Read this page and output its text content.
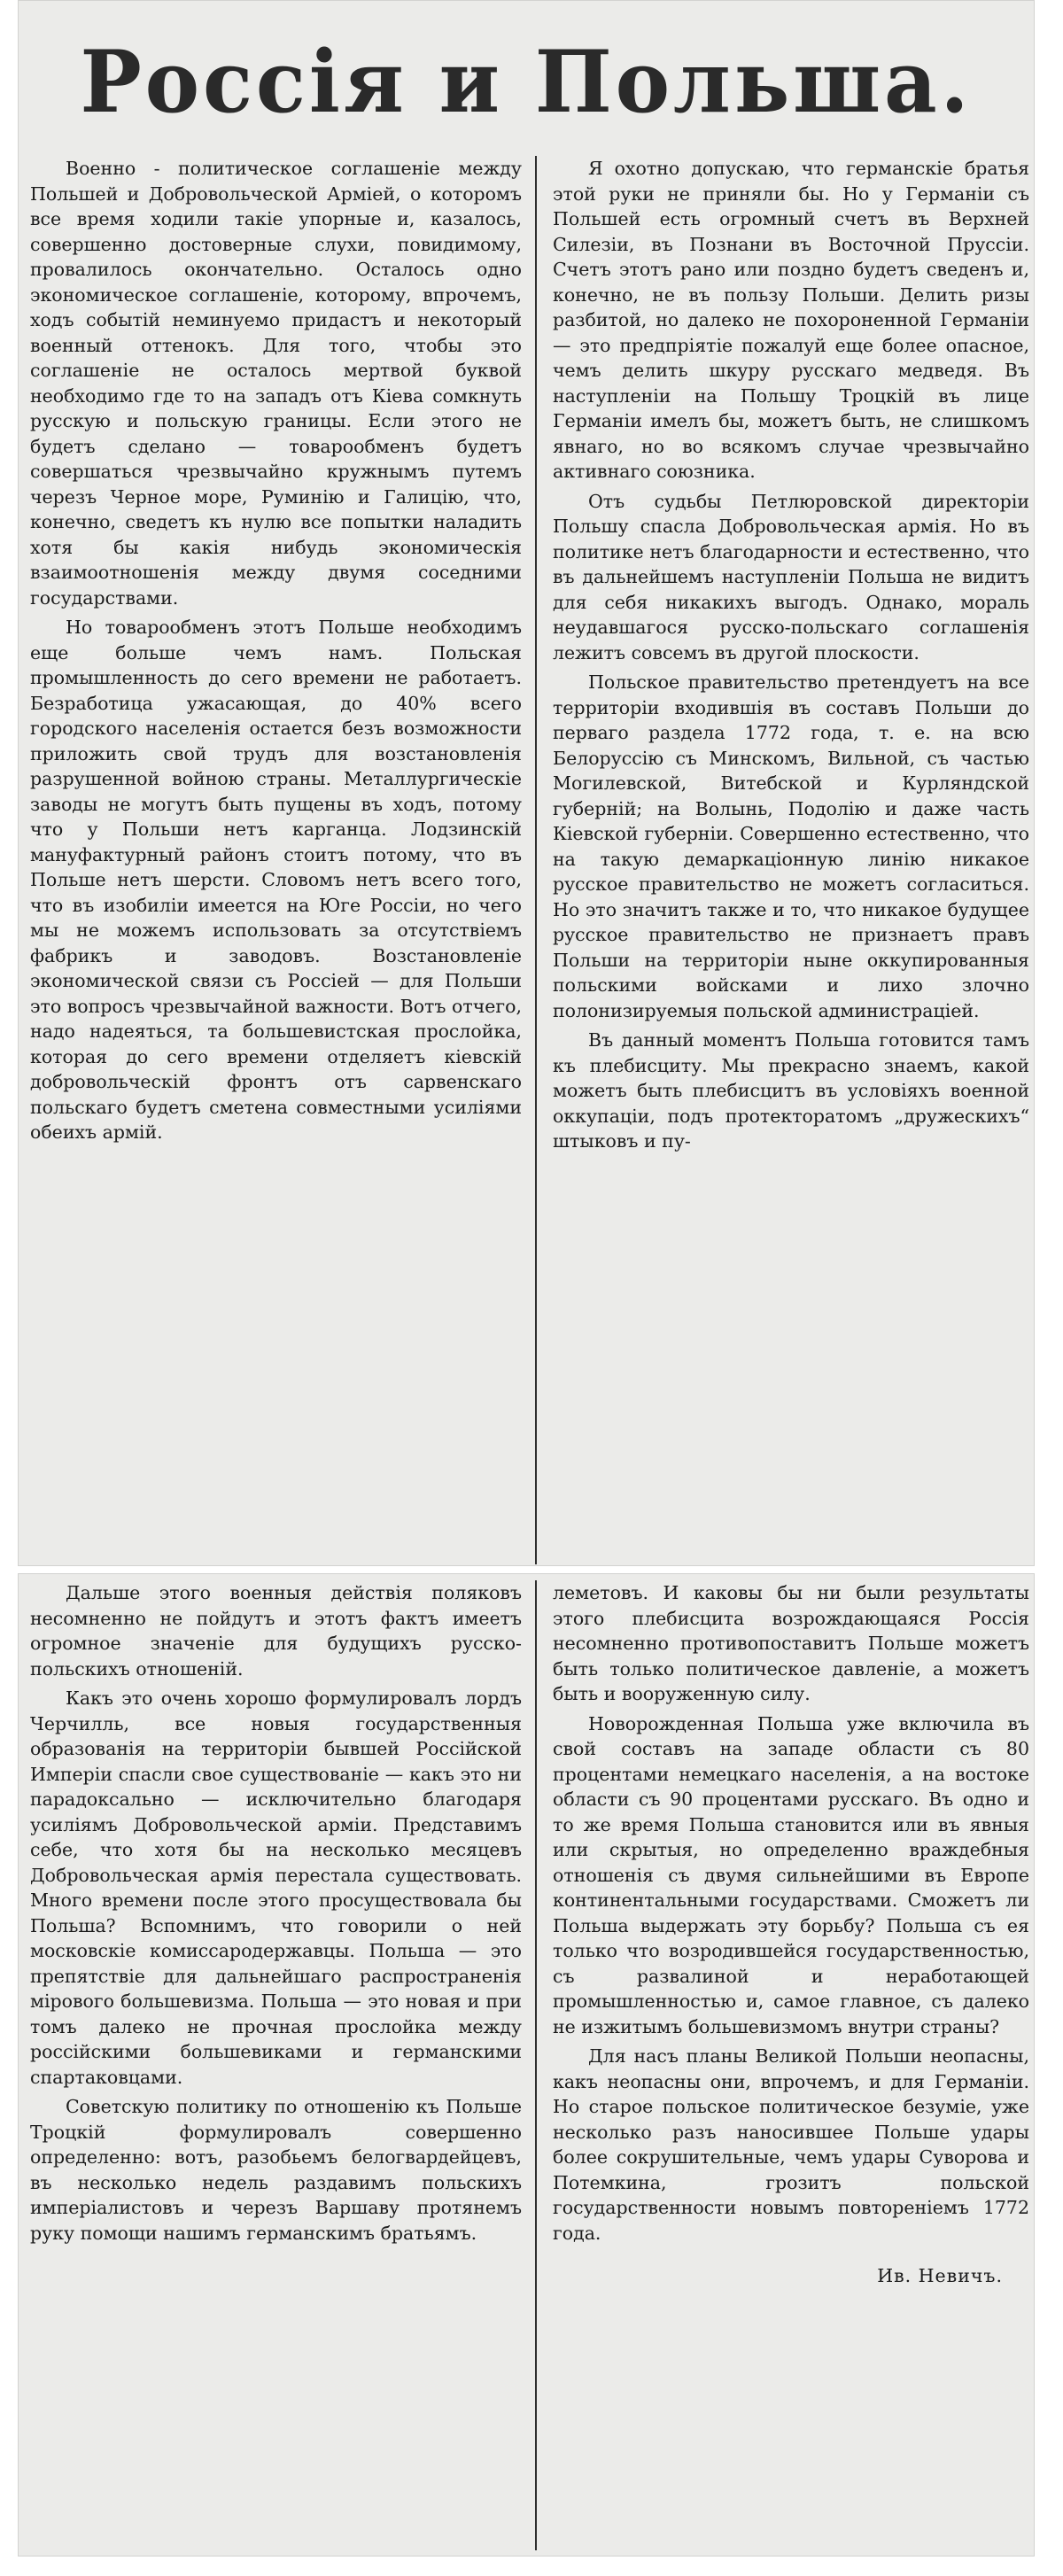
Россія и Польша.

Военно - политическое соглашеніе между Польшей и Добровольческой Арміей, о которомъ все время ходили такіе упорные и, казалось, совершенно достоверные слухи, повидимому, провалилось окончательно. Осталось одно экономическое соглашеніе, которому, впрочемъ, ходъ событій неминуемо придастъ и некоторый военный оттенокъ. Для того, чтобы это соглашеніе не осталось мертвой буквой необходимо где то на западъ отъ Кіева сомкнуть русскую и польскую границы. Если этого не будетъ сделано — товарообменъ будетъ совершаться чрезвычайно кружнымъ путемъ черезъ Черное море, Руминію и Галицію, что, конечно, сведетъ къ нулю все попытки наладить хотя бы какія нибудь экономическія взаимоотношенія между двумя соседними государствами.

Но товарообменъ этотъ Польше необходимъ еще больше чемъ намъ. Польская промышленность до сего времени не работаетъ. Безработица ужасающая, до 40% всего городского населенія остается безъ возможности приложить свой трудъ для возстановленія разрушенной войною страны. Металлургическіе заводы не могутъ быть пущены въ ходъ, потому что у Польши нетъ карганца. Лодзинскій мануфактурный районъ стоитъ потому, что въ Польше нетъ шерсти. Словомъ нетъ всего того, что въ изобиліи имеется на Юге Россіи, но чего мы не можемъ использовать за отсутствіемъ фабрикъ и заводовъ. Возстановленіе экономической связи съ Россіей — для Польши это вопросъ чрезвычайной важности. Вотъ отчего, надо надеяться, та большевистская прослойка, которая до сего времени отделяетъ кіевскій добровольческій фронтъ отъ сарвенскаго польскаго будетъ сметена совместными усиліями обеихъ армій.

Я охотно допускаю, что германскіе братья этой руки не приняли бы. Но у Германіи съ Польшей есть огромный счетъ въ Верхней Силезіи, въ Познани въ Восточной Пруссіи. Счетъ этотъ рано или поздно будетъ сведенъ и, конечно, не въ пользу Польши. Делить ризы разбитой, но далеко не похороненной Германіи — это предпріятіе пожалуй еще более опасное, чемъ делить шкуру русскаго медведя. Въ наступленіи на Польшу Троцкій въ лице Германіи имелъ бы, можетъ быть, не слишкомъ явнаго, но во всякомъ случае чрезвычайно активнаго союзника.

Отъ судьбы Петлюровской директоріи Польшу спасла Добровольческая армія. Но въ политике нетъ благодарности и естественно, что въ дальнейшемъ наступленіи Польша не видитъ для себя никакихъ выгодъ. Однако, мораль неудавшагося русско-польскаго соглашенія лежитъ совсемъ въ другой плоскости.

Польское правительство претендуетъ на все территоріи входившія въ составъ Польши до перваго раздела 1772 года, т. е. на всю Белоруссію съ Минскомъ, Вильной, съ частью Могилевской, Витебской и Курляндской губерній; на Волынь, Подолію и даже часть Кіевской губерніи. Совершенно естественно, что на такую демаркаціонную линію никакое русское правительство не можетъ согласиться. Но это значитъ также и то, что никакое будущее русское правительство не признаетъ правъ Польши на территоріи ныне оккупированныя польскими войсками и лихо злочно полонизируемыя польской администраціей.

Въ данный моментъ Польша готовится тамъ къ плебисциту. Мы прекрасно знаемъ, какой можетъ быть плебисцитъ въ условіяхъ военной оккупаціи, подъ протекторатомъ „дружескихъ“ штыковъ и пу-

Дальше этого военныя действія поляковъ несомненно не пойдутъ и этотъ фактъ имеетъ огромное значеніе для будущихъ русско-польскихъ отношеній.

Какъ это очень хорошо формулировалъ лордъ Черчилль, все новыя государственныя образованія на территоріи бывшей Россійской Имперіи спасли свое существованіе — какъ это ни парадоксально — исключительно благодаря усиліямъ Добровольческой арміи. Представимъ себе, что хотя бы на несколько месяцевъ Добровольческая армія перестала существовать. Много времени после этого просуществовала бы Польша? Вспомнимъ, что говорили о ней московскіе комиссародержавцы. Польша — это препятствіе для дальнейшаго распространенія мірового большевизма. Польша — это новая и при томъ далеко не прочная прослойка между россійскими большевиками и германскими спартаковцами.

Советскую политику по отношенію къ Польше Троцкій формулировалъ совершенно определенно: вотъ, разобьемъ белогвардейцевъ, въ несколько недель раздавимъ польскихъ имперіалистовъ и черезъ Варшаву протянемъ руку помощи нашимъ германскимъ братьямъ.

леметовъ. И каковы бы ни были результаты этого плебисцита возрождающаяся Россія несомненно противопоставитъ Польше можетъ быть только политическое давленіе, а можетъ быть и вооруженную силу.

Новорожденная Польша уже включила въ свой составъ на западе области съ 80 процентами немецкаго населенія, а на востоке области съ 90 процентами русскаго. Въ одно и то же время Польша становится или въ явныя или скрытыя, но определенно враждебныя отношенія съ двумя сильнейшими въ Европе континентальными государствами. Сможетъ ли Польша выдержать эту борьбу? Польша съ ея только что возродившейся государственностью, съ развалиной и неработающей промышленностью и, самое главное, съ далеко не изжитымъ большевизмомъ внутри страны?

Для насъ планы Великой Польши неопасны, какъ неопасны они, впрочемъ, и для Германіи. Но старое польское политическое безуміе, уже несколько разъ наносившее Польше удары более сокрушительные, чемъ удары Суворова и Потемкина, грозитъ польской государственности новымъ повтореніемъ 1772 года.

Ив. Невичъ.
